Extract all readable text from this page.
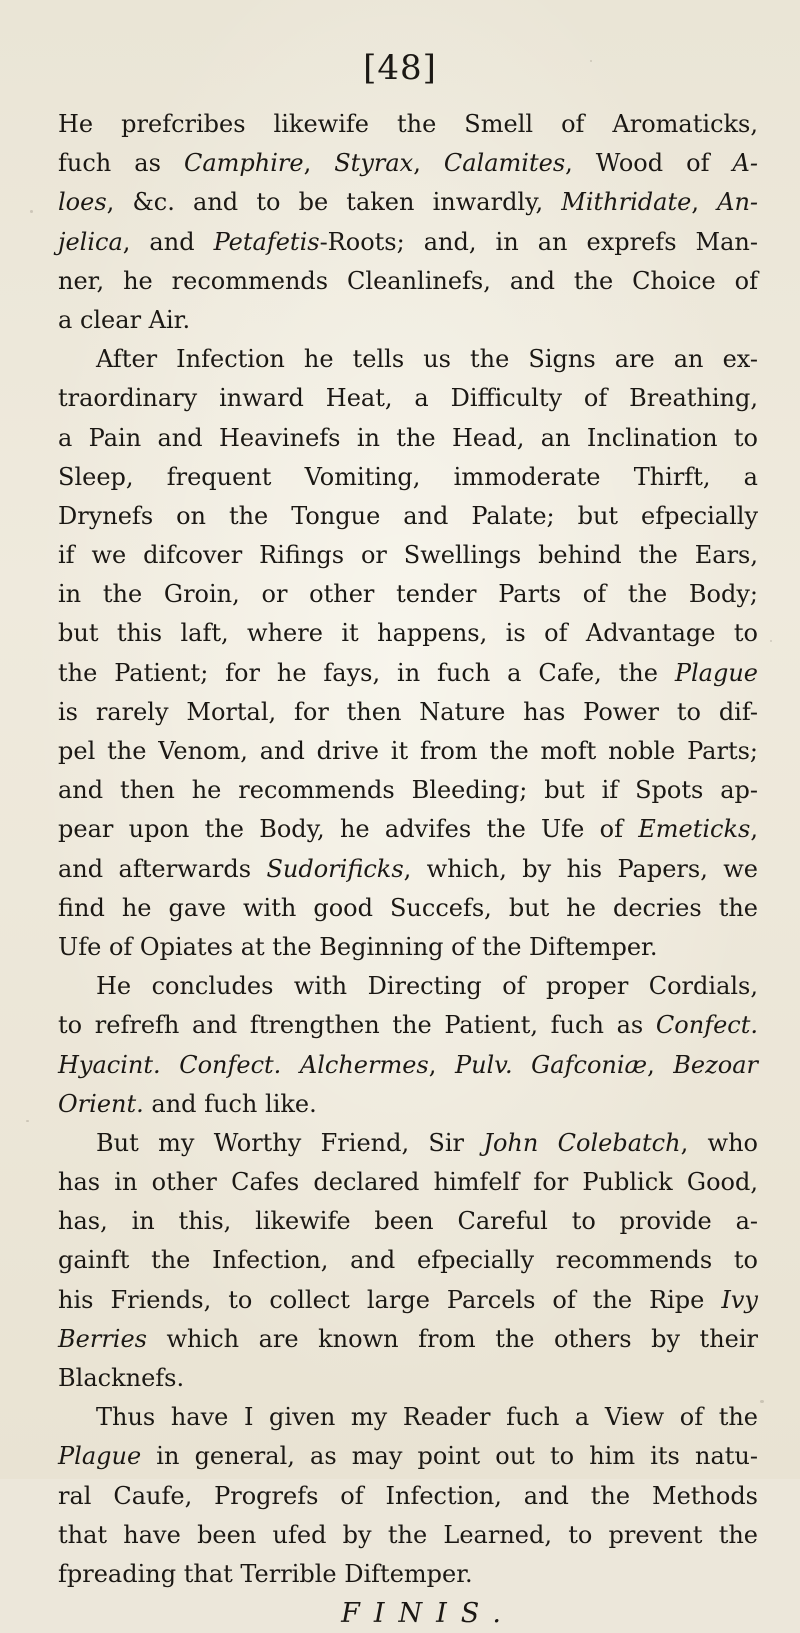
[48]
He prefcribes likewife the Smell of Aromaticks,
fuch as Camphire, Styrax, Calamites, Wood of A-
loes, &c. and to be taken inwardly, Mithridate, An-
jelica, and Petafetis-Roots; and, in an exprefs Man-
ner, he recommends Cleanlinefs, and the Choice of
a clear Air.
After Infection he tells us the Signs are an ex-
traordinary inward Heat, a Difficulty of Breathing,
a Pain and Heavinefs in the Head, an Inclination to
Sleep, frequent Vomiting, immoderate Thirft, a
Drynefs on the Tongue and Palate; but efpecially
if we difcover Rifings or Swellings behind the Ears,
in the Groin, or other tender Parts of the Body;
but this laft, where it happens, is of Advantage to
the Patient; for he fays, in fuch a Cafe, the Plague
is rarely Mortal, for then Nature has Power to dif-
pel the Venom, and drive it from the moft noble Parts;
and then he recommends Bleeding; but if Spots ap-
pear upon the Body, he advifes the Ufe of Emeticks,
and afterwards Sudorificks, which, by his Papers, we
find he gave with good Succefs, but he decries the
Ufe of Opiates at the Beginning of the Diftemper.
He concludes with Directing of proper Cordials,
to refrefh and ftrengthen the Patient, fuch as Confect.
Hyacint. Confect. Alchermes, Pulv. Gafconiæ, Bezoar
Orient. and fuch like.
But my Worthy Friend, Sir John Colebatch, who
has in other Cafes declared himfelf for Publick Good,
has, in this, likewife been Careful to provide a-
gainft the Infection, and efpecially recommends to
his Friends, to collect large Parcels of the Ripe Ivy
Berries which are known from the others by their
Blacknefs.
Thus have I given my Reader fuch a View of the
Plague in general, as may point out to him its natu-
ral Caufe, Progrefs of Infection, and the Methods
that have been ufed by the Learned, to prevent the
fpreading that Terrible Diftemper.
FINIS.
